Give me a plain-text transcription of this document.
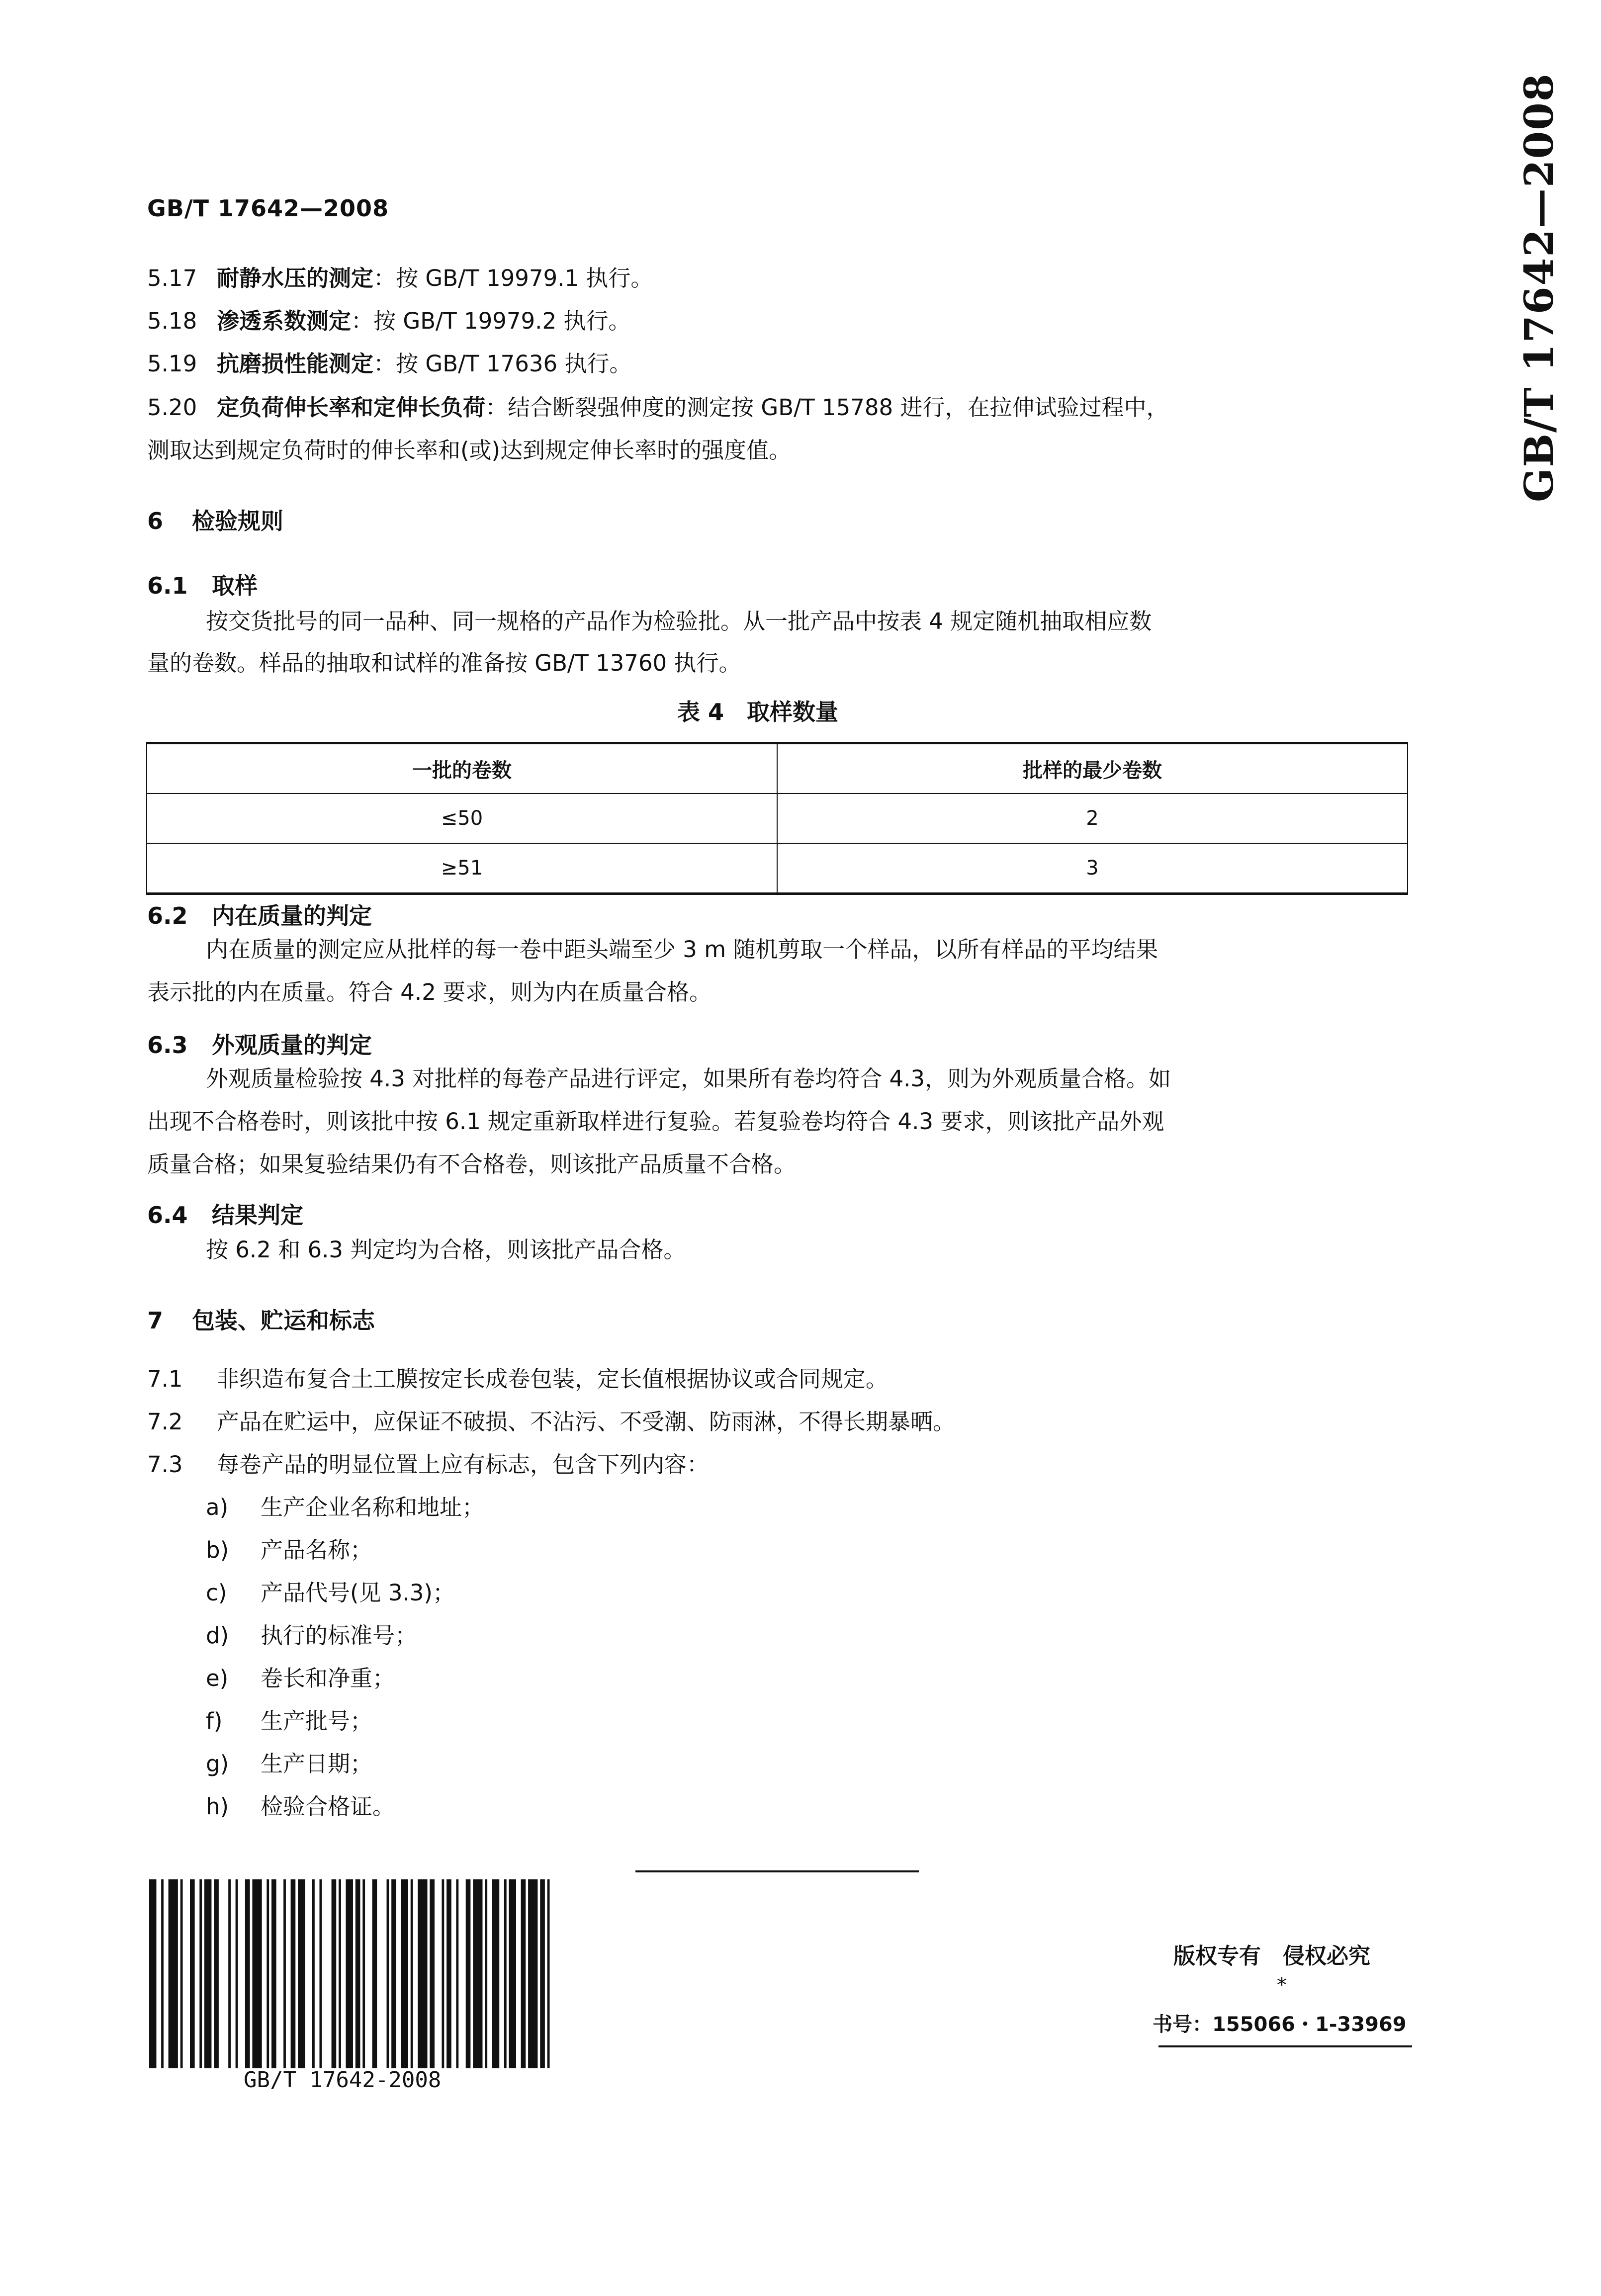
GB/T 17642—2008	GB/T 17642—2008
5.17 耐静水压的测定：按 GB/T 19979.1 执行。
5.18 渗透系数测定：按 GB/T 19979.2 执行。
5.19 抗磨损性能测定：按 GB/T 17636 执行。
5.20 定负荷伸长率和定伸长负荷：结合断裂强伸度的测定按 GB/T 15788 进行，在拉伸试验过程中，
测取达到规定负荷时的伸长率和(或)达到规定伸长率时的强度值。
6 检验规则
6.1 取样
按交货批号的同一品种、同一规格的产品作为检验批。从一批产品中按表 4 规定随机抽取相应数
量的卷数。样品的抽取和试样的准备按 GB/T 13760 执行。
表 4　取样数量
一批的卷数	批样的最少卷数
≤50	2
≥51	3
6.2 内在质量的判定
内在质量的测定应从批样的每一卷中距头端至少 3 m 随机剪取一个样品，以所有样品的平均结果
表示批的内在质量。符合 4.2 要求，则为内在质量合格。
6.3 外观质量的判定
外观质量检验按 4.3 对批样的每卷产品进行评定，如果所有卷均符合 4.3，则为外观质量合格。如
出现不合格卷时，则该批中按 6.1 规定重新取样进行复验。若复验卷均符合 4.3 要求，则该批产品外观
质量合格；如果复验结果仍有不合格卷，则该批产品质量不合格。
6.4 结果判定
按 6.2 和 6.3 判定均为合格，则该批产品合格。
7 包装、贮运和标志
7.1 非织造布复合土工膜按定长成卷包装，定长值根据协议或合同规定。
7.2 产品在贮运中，应保证不破损、不沾污、不受潮、防雨淋，不得长期暴晒。
7.3 每卷产品的明显位置上应有标志，包含下列内容：
a) 生产企业名称和地址；
b) 产品名称；
c) 产品代号(见 3.3)；
d) 执行的标准号；
e) 卷长和净重；
f) 生产批号；
g) 生产日期；
h) 检验合格证。
GB/T 17642-2008
版权专有　侵权必究
*
书号：155066・1-33969
